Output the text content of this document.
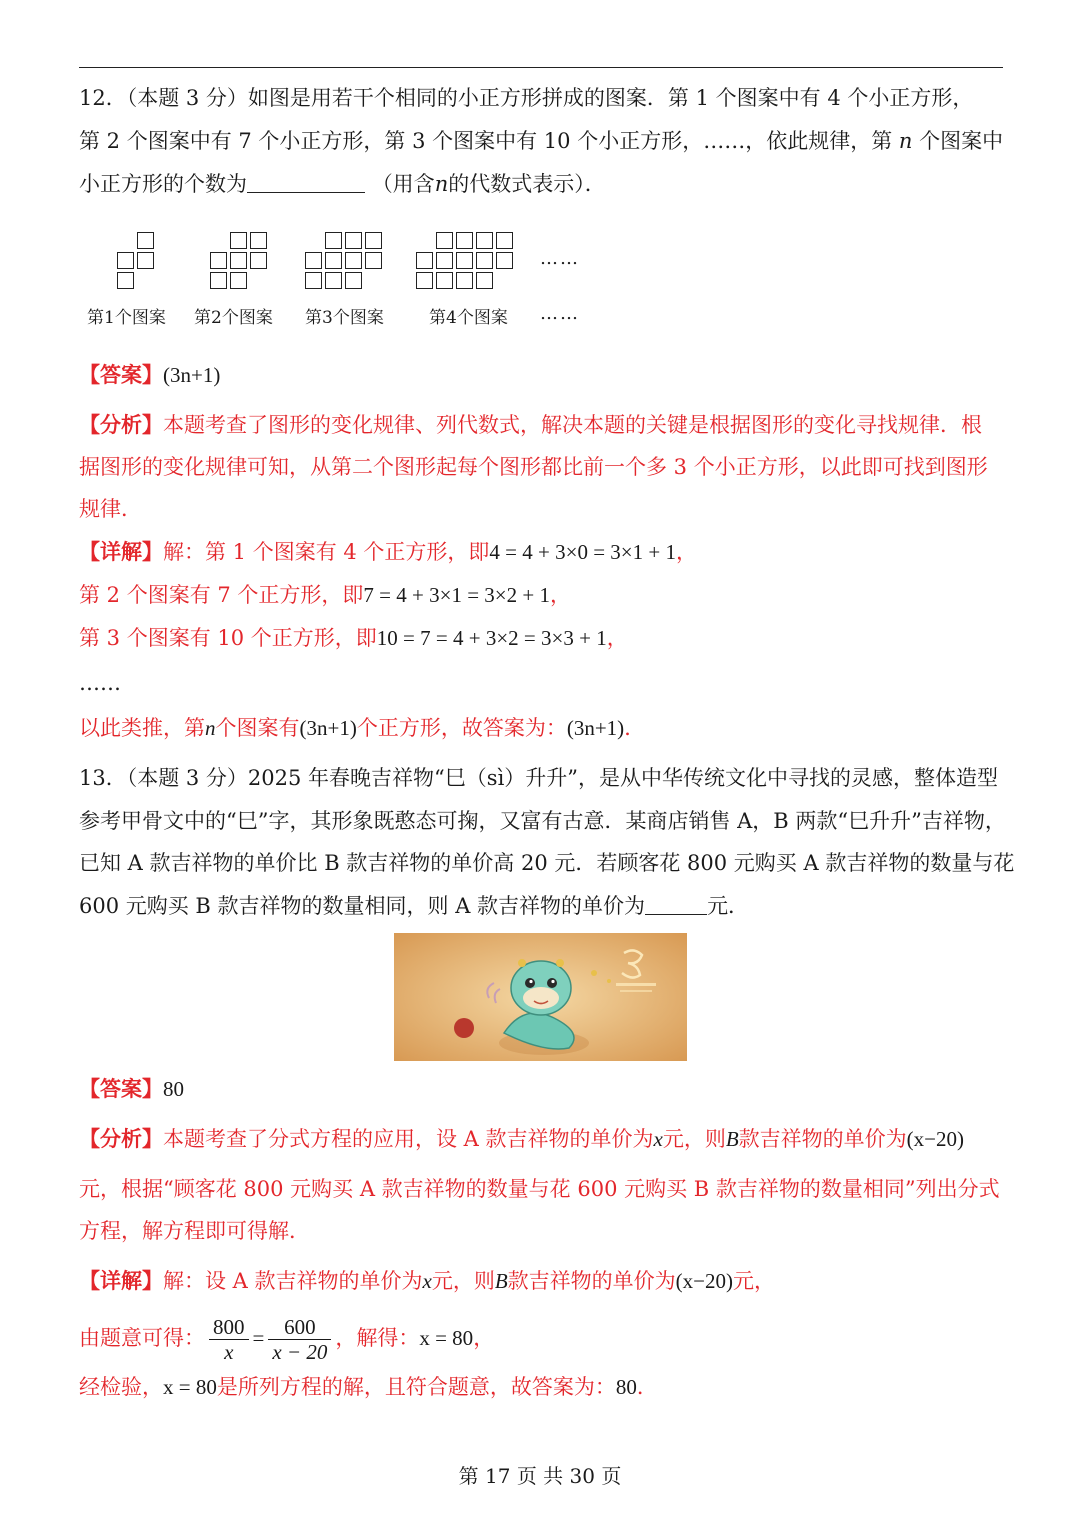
12．（本题 3 分）如图是用若干个相同的小正方形拼成的图案．第 1 个图案中有 4 个小正方形，
第 2 个图案中有 7 个小正方形，第 3 个图案中有 10 个小正方形，……，依此规律，第 n 个图案中
小正方形的个数为	（用含n的代数式表示）．
……
第1个图案 第2个图案 第3个图案	第4个图案 ……
【答案】(3n+1)
【分析】本题考查了图形的变化规律、列代数式，解决本题的关键是根据图形的变化寻找规律．根
据图形的变化规律可知，从第二个图形起每个图形都比前一个多 3 个小正方形，以此即可找到图形
规律．
【详解】解：第 1 个图案有 4 个正方形，即4 = 4 + 3×0 = 3×1 + 1，
第 2 个图案有 7 个正方形，即7 = 4 + 3×1 = 3×2 + 1，
第 3 个图案有 10 个正方形，即10 = 7 = 4 + 3×2 = 3×3 + 1，
……
以此类推，第n个图案有(3n+1)个正方形，故答案为：(3n+1)．
13．（本题 3 分）2025 年春晚吉祥物“巳（sì）升升”，是从中华传统文化中寻找的灵感，整体造型
参考甲骨文中的“巳”字，其形象既憨态可掬，又富有古意．某商店销售 A，B 两款“巳升升”吉祥物，
已知 A 款吉祥物的单价比 B 款吉祥物的单价高 20 元．若顾客花 800 元购买 A 款吉祥物的数量与花
600 元购买 B 款吉祥物的数量相同，则 A 款吉祥物的单价为	元．
【答案】80
【分析】本题考查了分式方程的应用，设 A 款吉祥物的单价为x元，则B款吉祥物的单价为(x−20)
元，根据“顾客花 800 元购买 A 款吉祥物的数量与花 600 元购买 B 款吉祥物的数量相同”列出分式
方程，解方程即可得解．
【详解】解：设 A 款吉祥物的单价为x元，则B款吉祥物的单价为(x−20)元，
由题意可得： $\frac{800}{x} = \frac{600}{x - 20}$ ，解得：x = 80，
经检验，x = 80是所列方程的解，且符合题意，故答案为：80．
第 17 页 共 30 页
